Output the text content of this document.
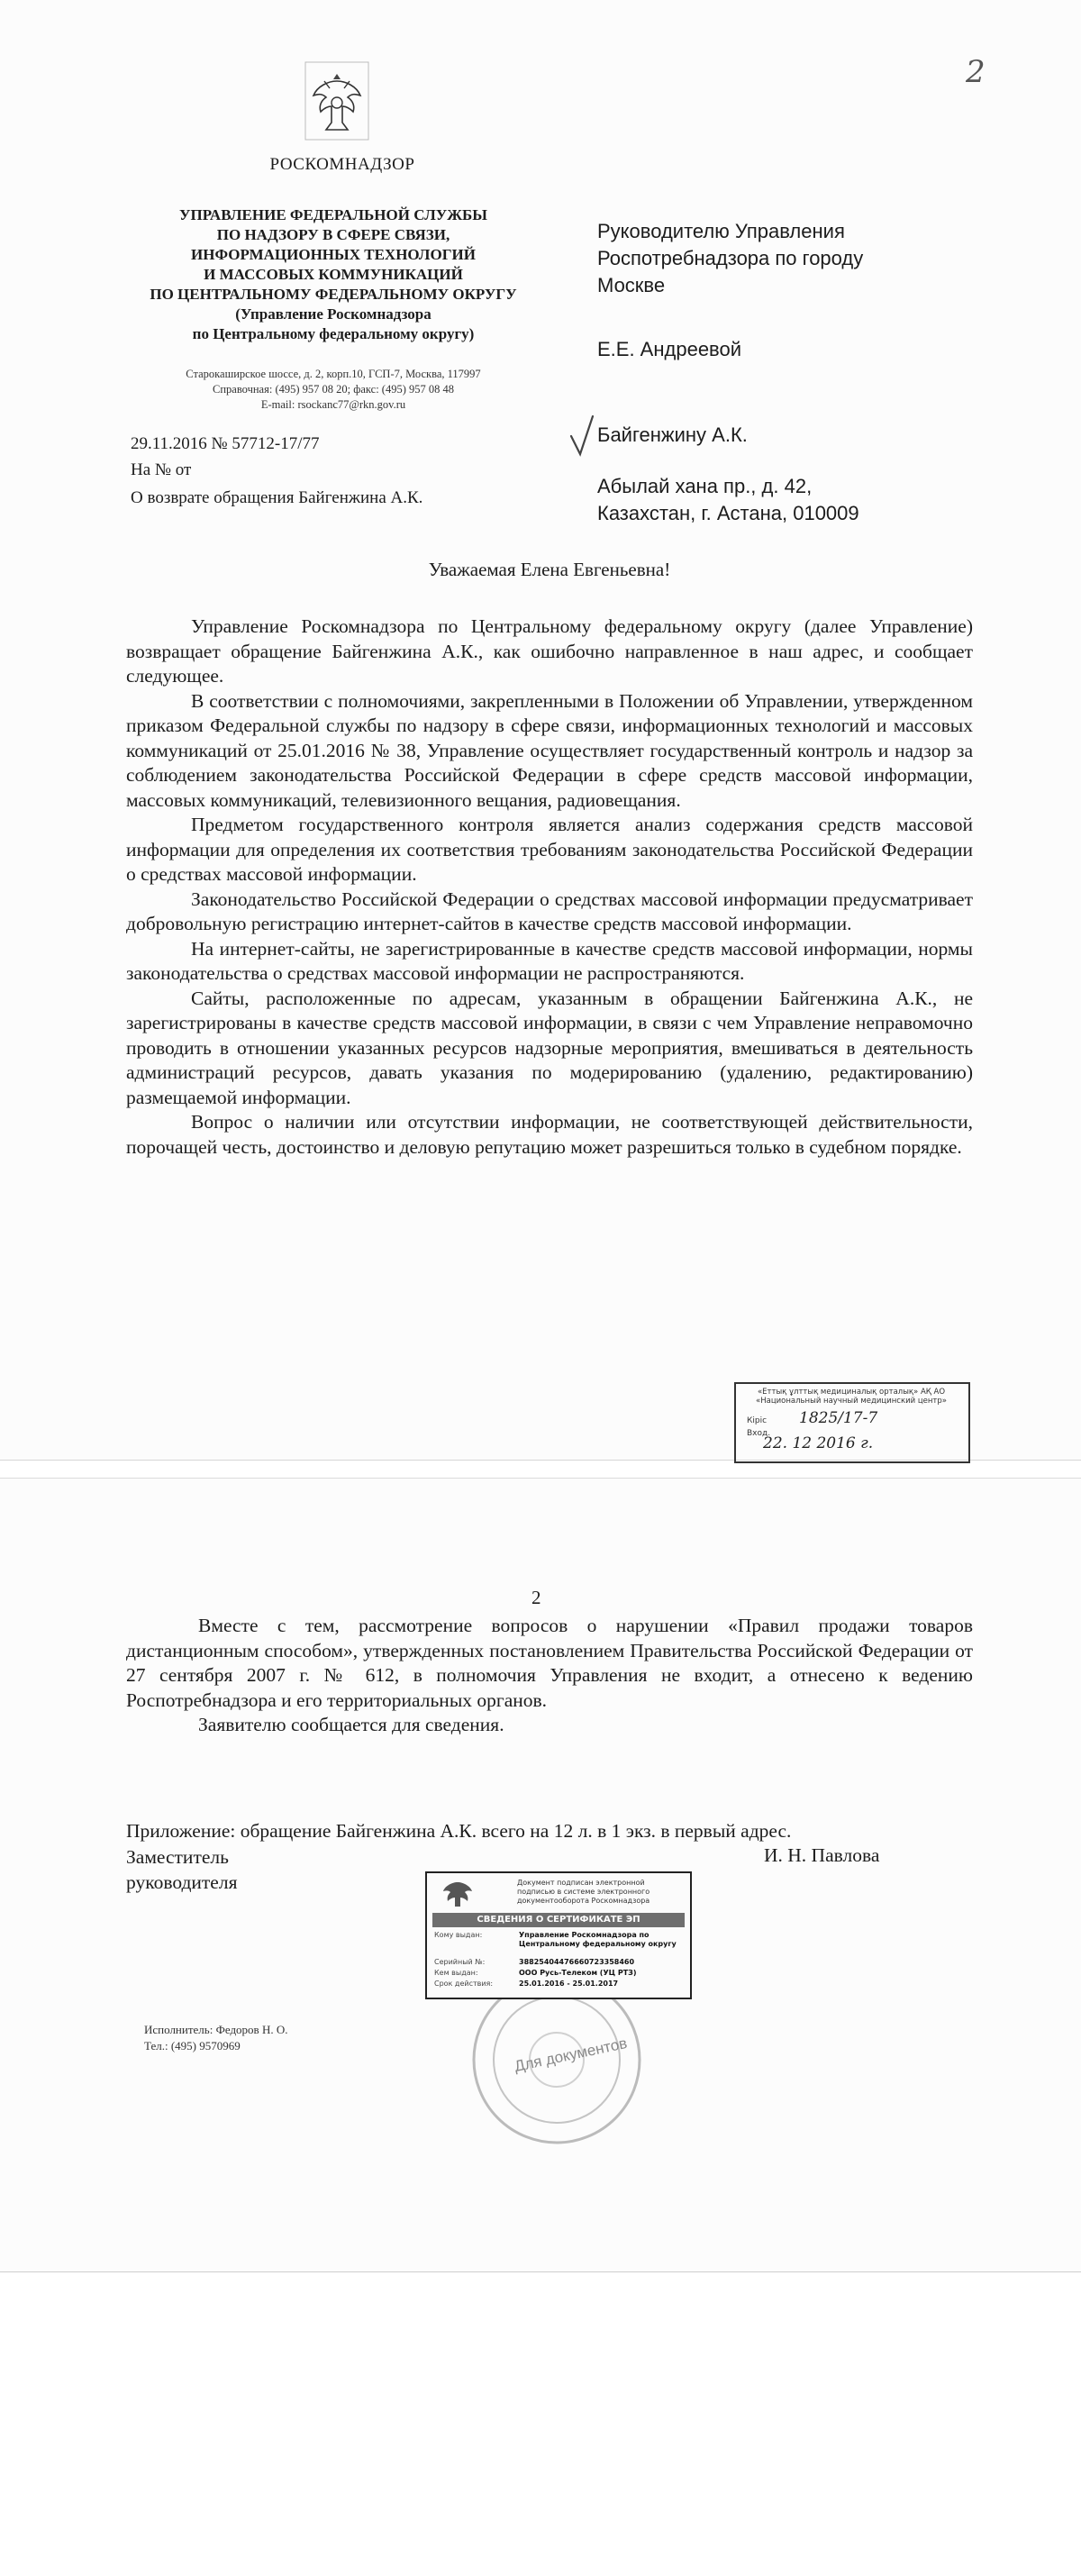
2
РОСКОМНАДЗОР
УПРАВЛЕНИЕ ФЕДЕРАЛЬНОЙ СЛУЖБЫ
ПО НАДЗОРУ В СФЕРЕ СВЯЗИ,
ИНФОРМАЦИОННЫХ ТЕХНОЛОГИЙ
И МАССОВЫХ КОММУНИКАЦИЙ
ПО ЦЕНТРАЛЬНОМУ ФЕДЕРАЛЬНОМУ ОКРУГУ
(Управление Роскомнадзора
по Центральному федеральному округу)
Старокаширское шоссе, д. 2, корп.10, ГСП-7, Москва, 117997
Справочная: (495) 957 08 20; факс: (495) 957 08 48
E-mail: rsockanc77@rkn.gov.ru
Руководителю Управления
Роспотребнадзора по городу
Москве
Е.Е. Андреевой
Байгенжину А.К.
Абылай хана пр., д. 42,
Казахстан, г. Астана, 010009
29.11.2016 № 57712-17/77
На № от
О возврате обращения Байгенжина А.К.
Уважаемая Елена Евгеньевна!

Управление Роскомнадзора по Центральному федеральному округу (далее Управление) возвращает обращение Байгенжина А.К., как ошибочно направленное в наш адрес, и сообщает следующее.

В соответствии с полномочиями, закрепленными в Положении об Управлении, утвержденном приказом Федеральной службы по надзору в сфере связи, информационных технологий и массовых коммуникаций от 25.01.2016 № 38, Управление осуществляет государственный контроль и надзор за соблюдением законодательства Российской Федерации в сфере средств массовой информации, массовых коммуникаций, телевизионного вещания, радиовещания.

Предметом государственного контроля является анализ содержания средств массовой информации для определения их соответствия требованиям законодательства Российской Федерации о средствах массовой информации.

Законодательство Российской Федерации о средствах массовой информации предусматривает добровольную регистрацию интернет-сайтов в качестве средств массовой информации.

На интернет-сайты, не зарегистрированные в качестве средств массовой информации, нормы законодательства о средствах массовой информации не распространяются.

Сайты, расположенные по адресам, указанным в обращении Байгенжина А.К., не зарегистрированы в качестве средств массовой информации, в связи с чем Управление неправомочно проводить в отношении указанных ресурсов надзорные мероприятия, вмешиваться в деятельность администраций ресурсов, давать указания по модерированию (удалению, редактированию) размещаемой информации.

Вопрос о наличии или отсутствии информации, не соответствующей действительности, порочащей честь, достоинство и деловую репутацию может разрешиться только в судебном порядке.

«Еттық ұлттық медициналық орталық» АҚ АО «Национальный научный медицинский центр»
Кіріс
Вход.
1825/17-7
22. 12 2016 г.
2

Вместе с тем, рассмотрение вопросов о нарушении «Правил продажи товаров дистанционным способом», утвержденных постановлением Правительства Российской Федерации от 27 сентября 2007 г. № 612, в полномочия Управления не входит, а отнесено к ведению Роспотребнадзора и его территориальных органов.

Заявителю сообщается для сведения.

Приложение: обращение Байгенжина А.К. всего на 12 л. в 1 экз. в первый адрес.
Заместитель
руководителя
И. Н. Павлова
Для документов
Документ подписан электронной подписью в системе электронного документооборота Роскомнадзора
СВЕДЕНИЯ О СЕРТИФИКАТЕ ЭП
Кому выдан:	Управление Роскомнадзора по Центральному федеральному округу
Серийный №:	38825404476660723358460
Кем выдан:	ООО Русь-Телеком (УЦ РТЗ)
Срок действия:	25.01.2016 - 25.01.2017
Исполнитель: Федоров Н. О.
Тел.: (495) 9570969
